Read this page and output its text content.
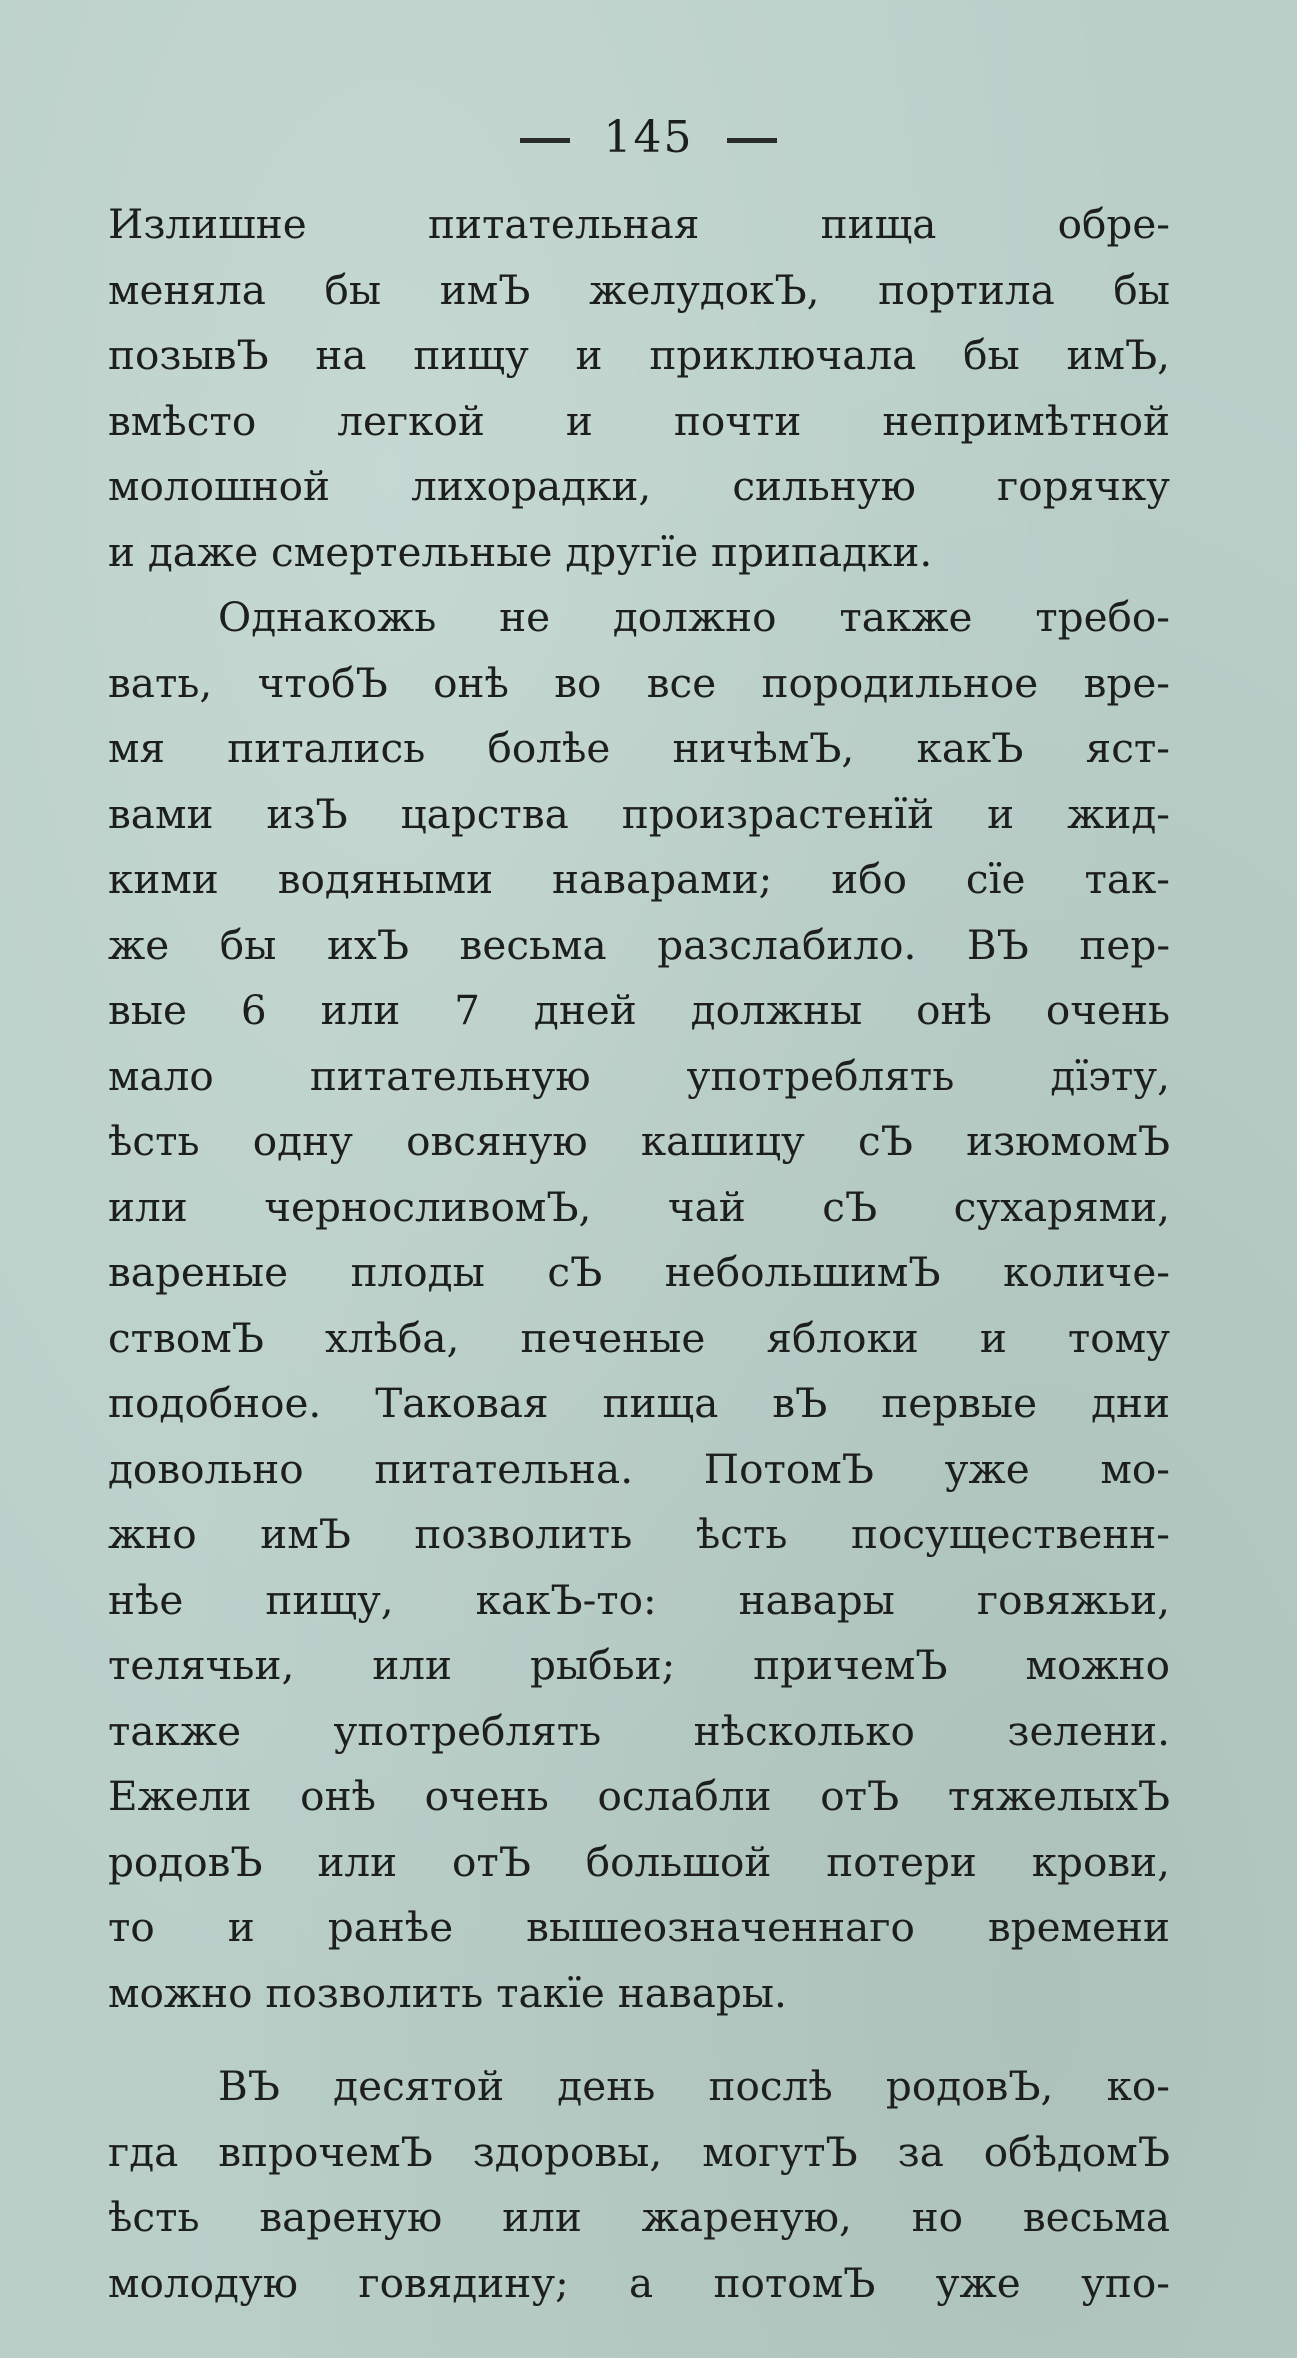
145
Излишне питательная пища обре-
меняла бы имЪ желудокЪ, портила бы
позывЪ на пищу и приключала бы имЪ,
вмѣсто легкой и почти непримѣтной
молошной лихорадки, сильную горячку
и даже смертельные другїе припадки.
Однакожь не должно также требо-
вать, чтобЪ онѣ во все породильное вре-
мя питались болѣе ничѣмЪ, какЪ яст-
вами изЪ царства произрастенїй и жид-
кими водяными наварами; ибо сїе так-
же бы ихЪ весьма разслабило. ВЪ пер-
вые 6 или 7 дней должны онѣ очень
мало питательную употреблять дїэту,
ѣсть одну овсяную кашицу сЪ изюмомЪ
или черносливомЪ, чай сЪ сухарями,
вареные плоды сЪ небольшимЪ количе-
ствомЪ хлѣба, печеные яблоки и тому
подобное. Таковая пища вЪ первые дни
довольно питательна. ПотомЪ уже мо-
жно имЪ позволить ѣсть посущественн-
нѣе пищу, какЪ-то: навары говяжьи,
телячьи, или рыбьи; причемЪ можно
также употреблять нѣсколько зелени.
Ежели онѣ очень ослабли отЪ тяжелыхЪ
родовЪ или отЪ большой потери крови,
то и ранѣе вышеозначеннаго времени
можно позволить такїе навары.
ВЪ десятой день послѣ родовЪ, ко-
гда впрочемЪ здоровы, могутЪ за обѣдомЪ
ѣсть вареную или жареную, но весьма
молодую говядину; а потомЪ уже упо-
